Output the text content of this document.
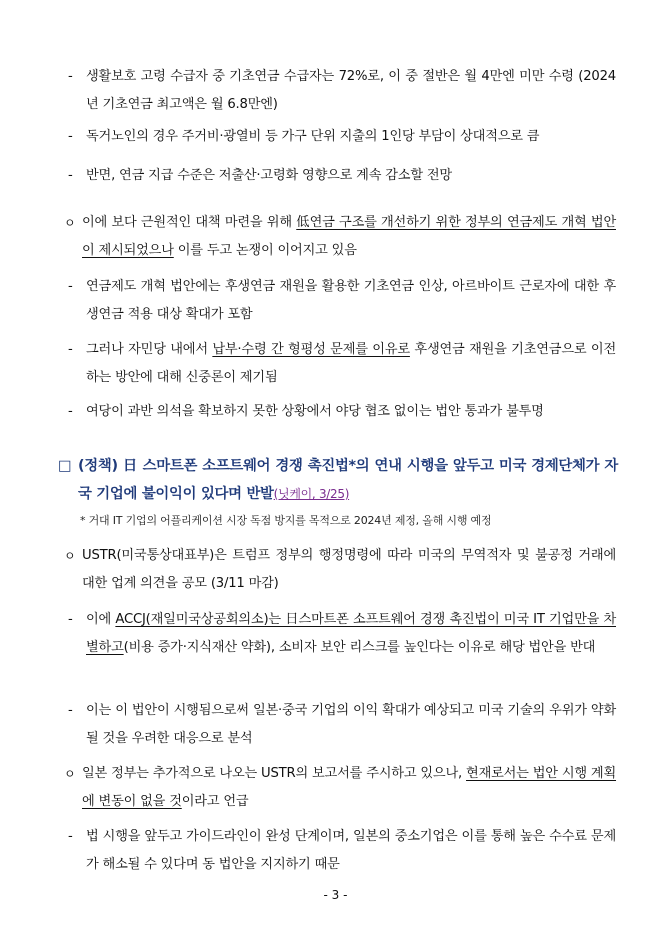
-	생활보호 고령 수급자 중 기초연금 수급자는 72%로, 이 중 절반은 월 4만엔 미만 수령 (2024년 기초연금 최고액은 월 6.8만엔)
-	독거노인의 경우 주거비·광열비 등 가구 단위 지출의 1인당 부담이 상대적으로 큼
-	반면, 연금 지급 수준은 저출산·고령화 영향으로 계속 감소할 전망
ㅇ 이에 보다 근원적인 대책 마련을 위해 低연금 구조를 개선하기 위한 정부의 연금제도 개혁 법안이 제시되었으나 이를 두고 논쟁이 이어지고 있음
-	연금제도 개혁 법안에는 후생연금 재원을 활용한 기초연금 인상, 아르바이트 근로자에 대한 후생연금 적용 대상 확대가 포함
-	그러나 자민당 내에서 납부·수령 간 형평성 문제를 이유로 후생연금 재원을 기초연금으로 이전하는 방안에 대해 신중론이 제기됨
-	여당이 과반 의석을 확보하지 못한 상황에서 야당 협조 없이는 법안 통과가 불투명
□ (정책) 日 스마트폰 소프트웨어 경쟁 촉진법*의 연내 시행을 앞두고 미국 경제단체가 자국 기업에 불이익이 있다며 반발(닛케이, 3/25)
* 거대 IT 기업의 어플리케이션 시장 독점 방지를 목적으로 2024년 제정, 올해 시행 예정
ㅇ USTR(미국통상대표부)은 트럼프 정부의 행정명령에 따라 미국의 무역적자 및 불공정 거래에 대한 업계 의견을 공모 (3/11 마감)
-	이에 ACCJ(재일미국상공회의소)는 日스마트폰 소프트웨어 경쟁 촉진법이 미국 IT 기업만을 차별하고(비용 증가·지식재산 약화), 소비자 보안 리스크를 높인다는 이유로 해당 법안을 반대
-	이는 이 법안이 시행됨으로써 일본·중국 기업의 이익 확대가 예상되고 미국 기술의 우위가 약화될 것을 우려한 대응으로 분석
ㅇ 일본 정부는 추가적으로 나오는 USTR의 보고서를 주시하고 있으나, 현재로서는 법안 시행 계획에 변동이 없을 것이라고 언급
-	법 시행을 앞두고 가이드라인이 완성 단계이며, 일본의 중소기업은 이를 통해 높은 수수료 문제가 해소될 수 있다며 동 법안을 지지하기 때문
- 3 -
